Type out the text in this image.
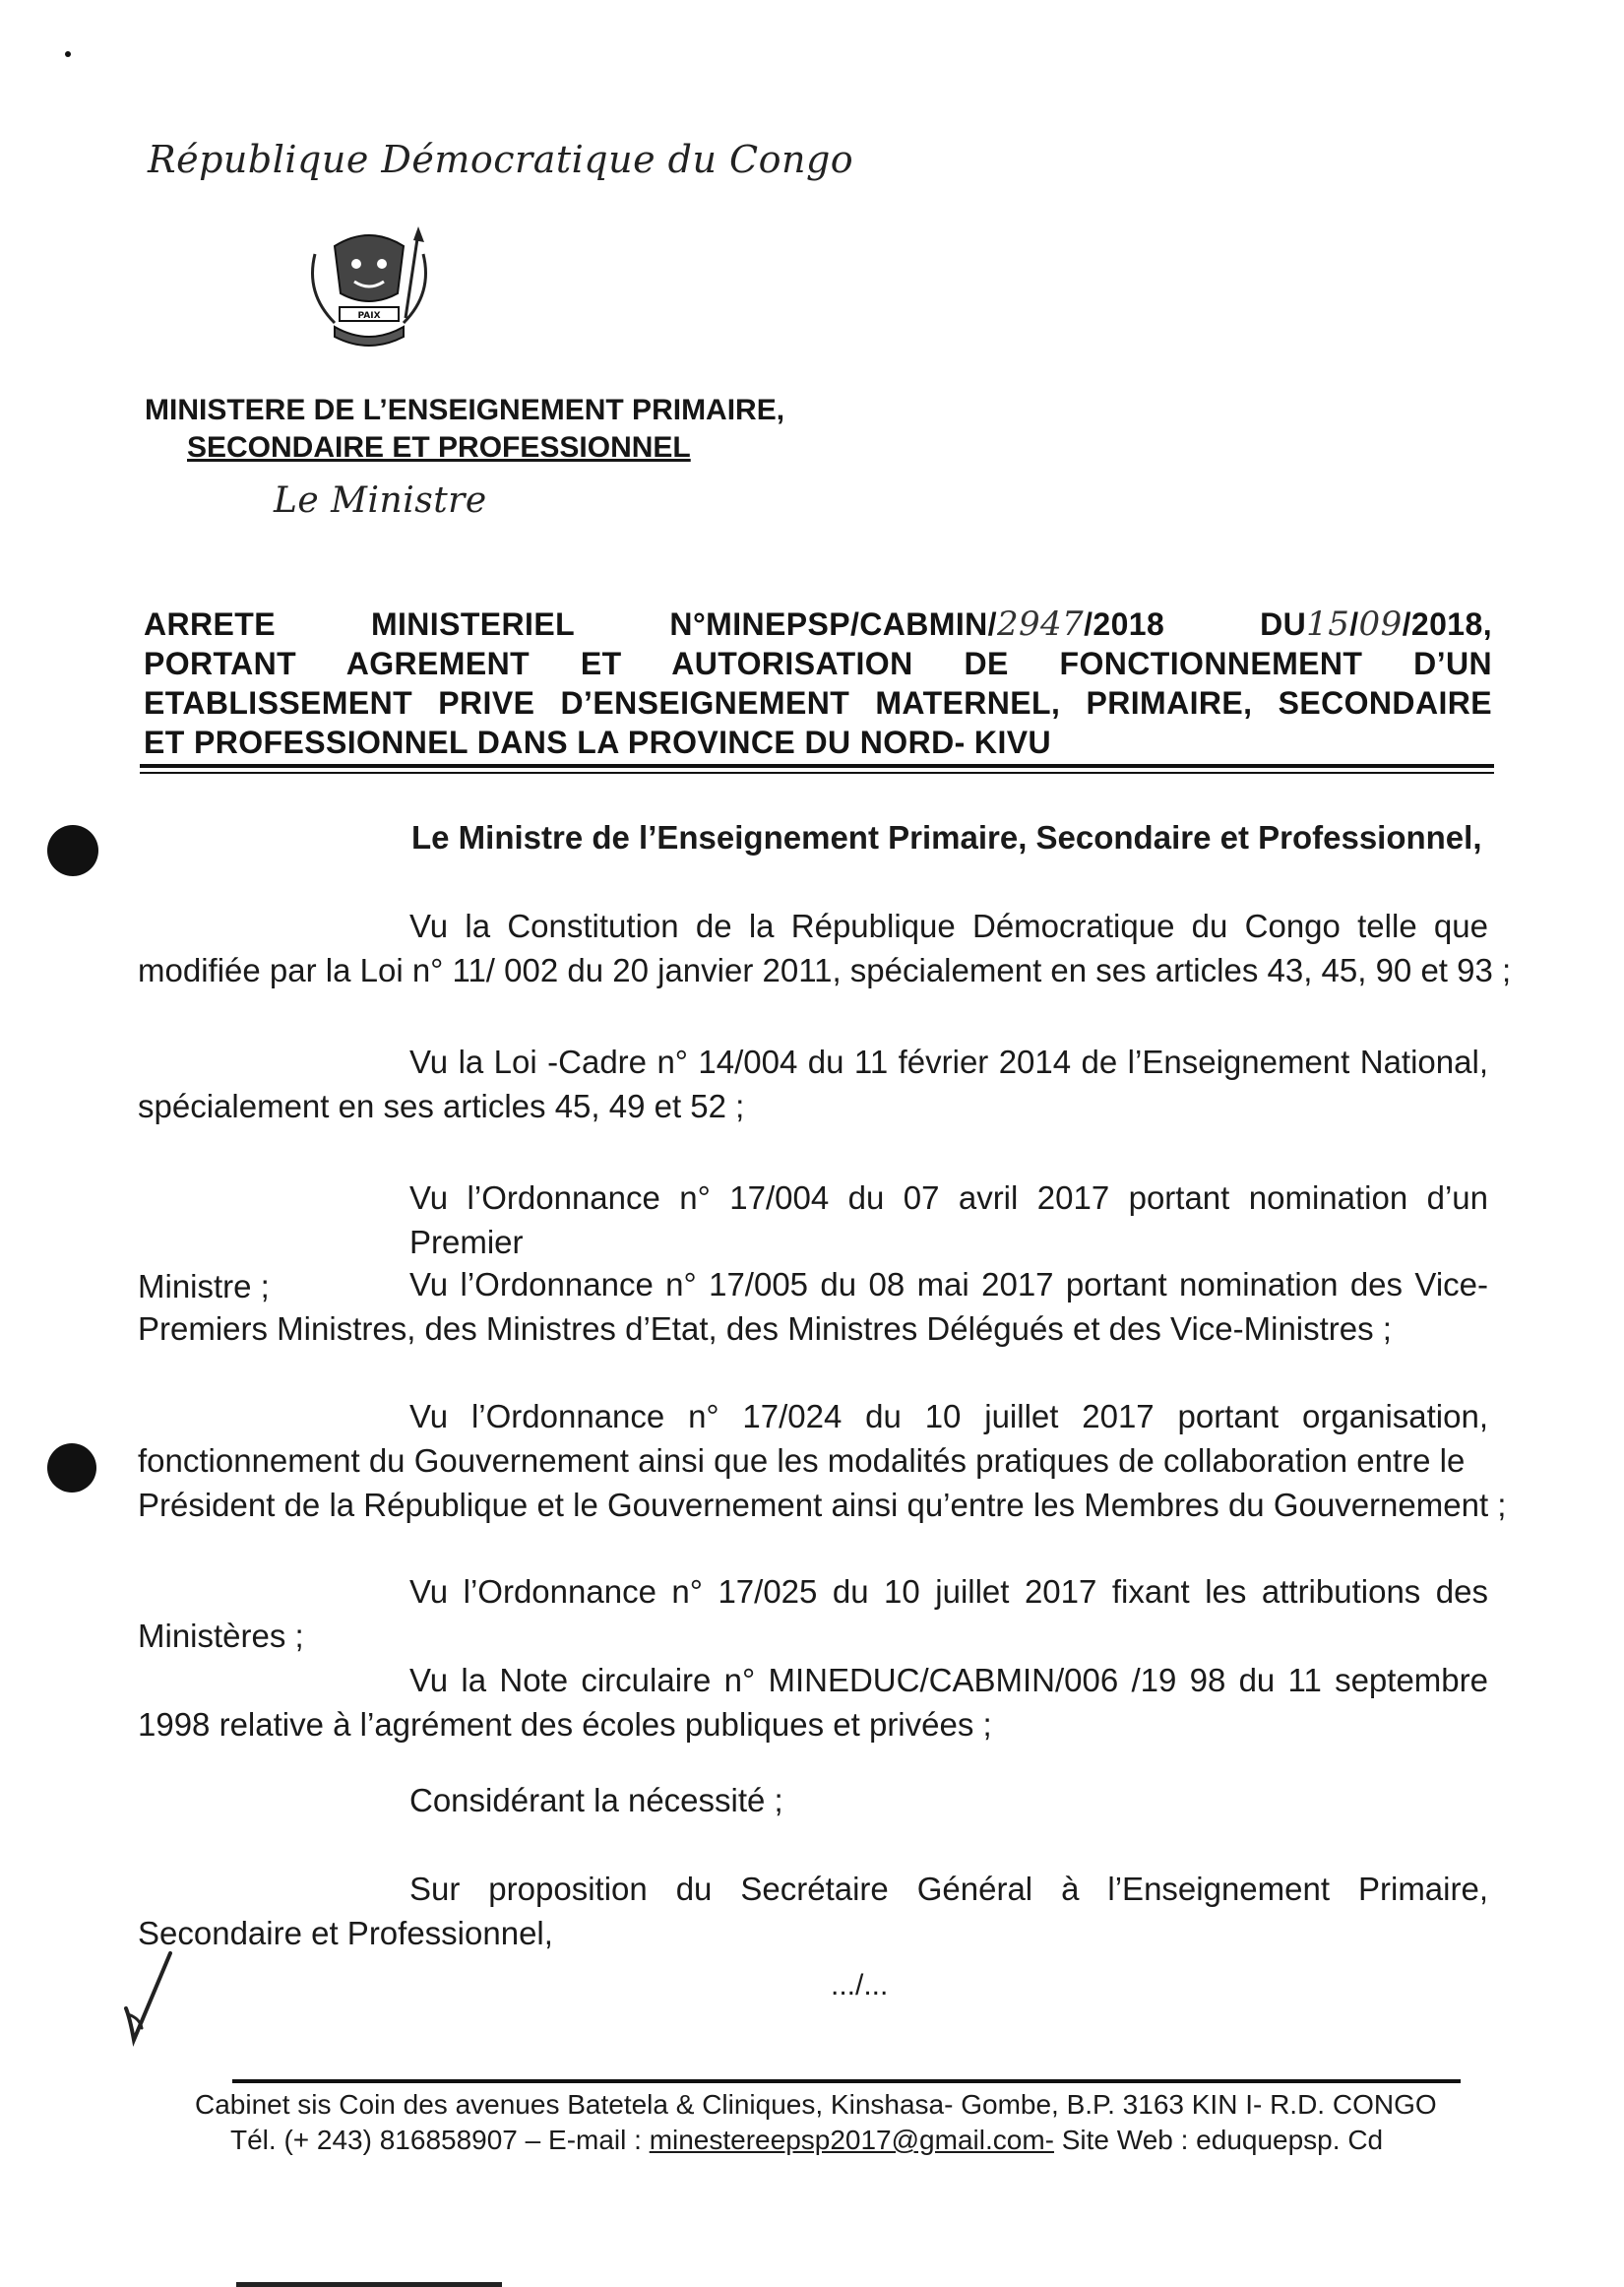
République Démocratique du Congo
PAIX
MINISTERE DE L’ENSEIGNEMENT PRIMAIRE,
SECONDAIRE ET PROFESSIONNEL
Le Ministre
ARRETE MINISTERIEL N°MINEPSP/CABMIN/2947/2018 DU15/09/2018,
PORTANT AGREMENT ET AUTORISATION DE FONCTIONNEMENT D’UN
ETABLISSEMENT PRIVE D’ENSEIGNEMENT MATERNEL, PRIMAIRE, SECONDAIRE
ET PROFESSIONNEL DANS LA PROVINCE DU NORD- KIVU
Le Ministre de l’Enseignement Primaire, Secondaire et Professionnel,
Vu la Constitution de la République Démocratique du Congo telle que
modifiée par la Loi n° 11/ 002 du 20 janvier 2011, spécialement en ses articles 43, 45, 90 et 93 ;
Vu la Loi -Cadre n° 14/004 du 11 février 2014 de l’Enseignement National,
spécialement en ses articles 45, 49 et 52 ;
Vu l’Ordonnance n° 17/004 du 07 avril 2017 portant nomination d’un Premier
Ministre ;	Vu l’Ordonnance n° 17/005 du 08 mai 2017 portant nomination des Vice-
Premiers Ministres, des Ministres d’Etat, des Ministres Délégués et des Vice-Ministres ;
Vu l’Ordonnance n° 17/024 du 10 juillet 2017 portant organisation,
fonctionnement du Gouvernement ainsi que les modalités pratiques de collaboration entre le
Président de la République et le Gouvernement ainsi qu’entre les Membres du Gouvernement ;
Vu l’Ordonnance n° 17/025 du 10 juillet 2017 fixant les attributions des
Ministères ;
Vu la Note circulaire n° MINEDUC/CABMIN/006 /19 98 du 11 septembre
1998 relative à l’agrément des écoles publiques et privées ;
Considérant la nécessité ;
Sur proposition du Secrétaire Général à l’Enseignement Primaire,
Secondaire et Professionnel,
.../...
Cabinet sis Coin des avenues Batetela & Cliniques, Kinshasa- Gombe, B.P. 3163 KIN I- R.D. CONGO
Tél. (+ 243) 816858907 – E-mail : minestereepsp2017@gmail.com- Site Web : eduquepsp. Cd
